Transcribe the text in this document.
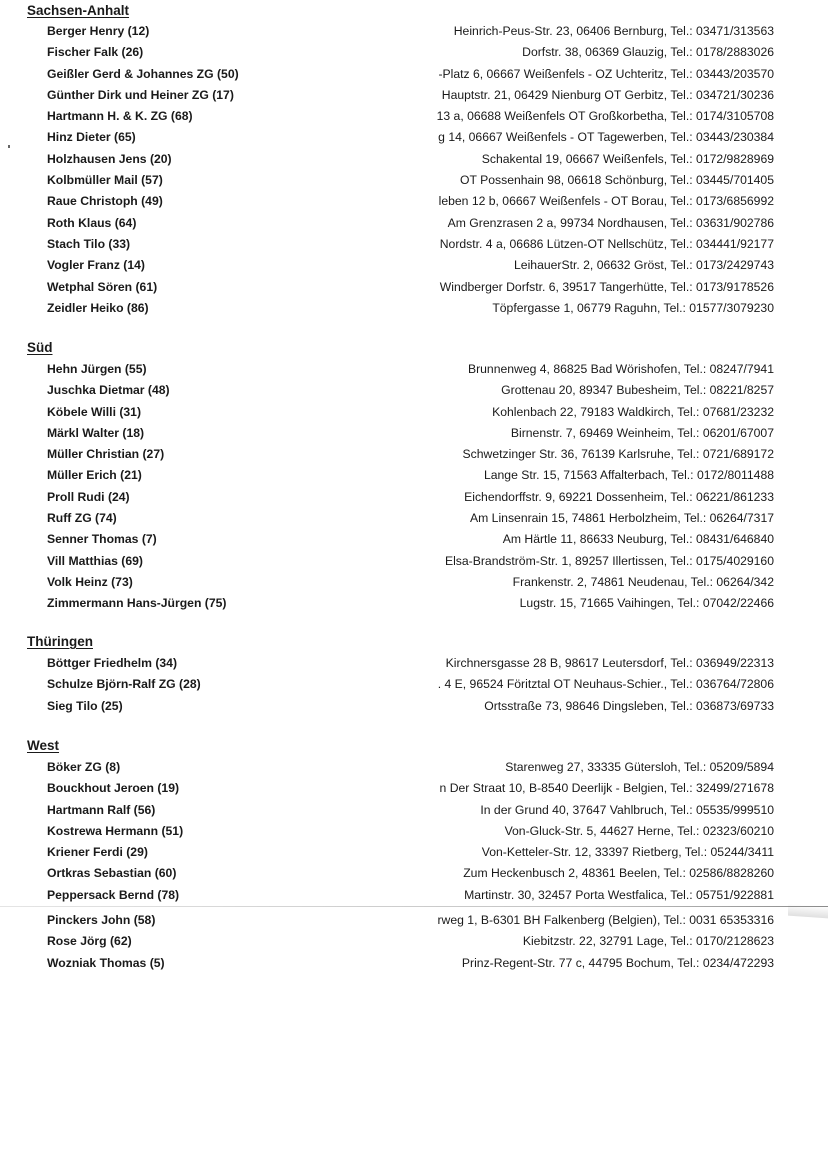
Sachsen-Anhalt
Berger Henry (12)	Heinrich-Peus-Str. 23, 06406 Bernburg, Tel.: 03471/313563
Fischer Falk (26)	Dorfstr. 38, 06369 Glauzig, Tel.: 0178/2883026
Geißler Gerd & Johannes ZG (50)	-Platz 6, 06667 Weißenfels - OZ Uchteritz, Tel.: 03443/203570
Günther Dirk und Heiner ZG (17)	Hauptstr. 21, 06429 Nienburg OT Gerbitz, Tel.: 034721/30236
Hartmann H. & K. ZG (68)	13 a, 06688 Weißenfels OT Großkorbetha, Tel.: 0174/3105708
Hinz Dieter (65)	g 14, 06667 Weißenfels - OT Tagewerben, Tel.: 03443/230384
Holzhausen Jens (20)	Schakental 19, 06667 Weißenfels, Tel.: 0172/9828969
Kolbmüller Mail (57)	OT Possenhain 98, 06618 Schönburg, Tel.: 03445/701405
Raue Christoph (49)	leben 12 b, 06667 Weißenfels - OT Borau, Tel.: 0173/6856992
Roth Klaus (64)	Am Grenzrasen 2 a, 99734 Nordhausen, Tel.: 03631/902786
Stach Tilo (33)	Nordstr. 4 a, 06686 Lützen-OT Nellschütz, Tel.: 034441/92177
Vogler Franz (14)	LeihauerStr. 2, 06632 Gröst, Tel.: 0173/2429743
Wetphal Sören (61)	Windberger Dorfstr. 6, 39517 Tangerhütte, Tel.: 0173/9178526
Zeidler Heiko (86)	Töpfergasse 1, 06779 Raguhn, Tel.: 01577/3079230
Süd
Hehn Jürgen (55)	Brunnenweg 4, 86825 Bad Wörishofen, Tel.: 08247/7941
Juschka Dietmar (48)	Grottenau 20, 89347 Bubesheim, Tel.: 08221/8257
Köbele Willi (31)	Kohlenbach 22, 79183 Waldkirch, Tel.: 07681/23232
Märkl Walter (18)	Birnenstr. 7, 69469 Weinheim, Tel.: 06201/67007
Müller Christian (27)	Schwetzinger Str. 36, 76139 Karlsruhe, Tel.: 0721/689172
Müller Erich (21)	Lange Str. 15, 71563 Affalterbach, Tel.: 0172/8011488
Proll Rudi (24)	Eichendorffstr. 9, 69221 Dossenheim, Tel.: 06221/861233
Ruff ZG (74)	Am Linsenrain 15, 74861 Herbolzheim, Tel.: 06264/7317
Senner Thomas (7)	Am Härtle 11, 86633 Neuburg, Tel.: 08431/646840
Vill Matthias (69)	Elsa-Brandström-Str. 1, 89257 Illertissen, Tel.: 0175/4029160
Volk Heinz (73)	Frankenstr. 2, 74861 Neudenau, Tel.: 06264/342
Zimmermann Hans-Jürgen (75)	Lugstr. 15, 71665 Vaihingen, Tel.: 07042/22466
Thüringen
Böttger Friedhelm (34)	Kirchnersgasse 28 B, 98617 Leutersdorf, Tel.: 036949/22313
Schulze Björn-Ralf ZG (28)	. 4 E, 96524 Föritztal OT Neuhaus-Schier., Tel.: 036764/72806
Sieg Tilo (25)	Ortsstraße 73, 98646 Dingsleben, Tel.: 036873/69733
West
Böker ZG (8)	Starenweg 27, 33335 Gütersloh, Tel.: 05209/5894
Bouckhout Jeroen (19)	n Der Straat 10, B-8540 Deerlijk - Belgien, Tel.: 32499/271678
Hartmann Ralf (56)	In der Grund 40, 37647 Vahlbruch, Tel.: 05535/999510
Kostrewa Hermann (51)	Von-Gluck-Str. 5, 44627 Herne, Tel.: 02323/60210
Kriener Ferdi (29)	Von-Ketteler-Str. 12, 33397 Rietberg, Tel.: 05244/3411
Ortkras Sebastian (60)	Zum Heckenbusch 2, 48361 Beelen, Tel.: 02586/8828260
Peppersack Bernd (78)	Martinstr. 30, 32457 Porta Westfalica, Tel.: 05751/922881
Pinckers John (58)	rweg 1, B-6301 BH Falkenberg (Belgien), Tel.: 0031 65353316
Rose Jörg (62)	Kiebitzstr. 22, 32791 Lage, Tel.: 0170/2128623
Wozniak Thomas (5)	Prinz-Regent-Str. 77 c, 44795 Bochum, Tel.: 0234/472293
